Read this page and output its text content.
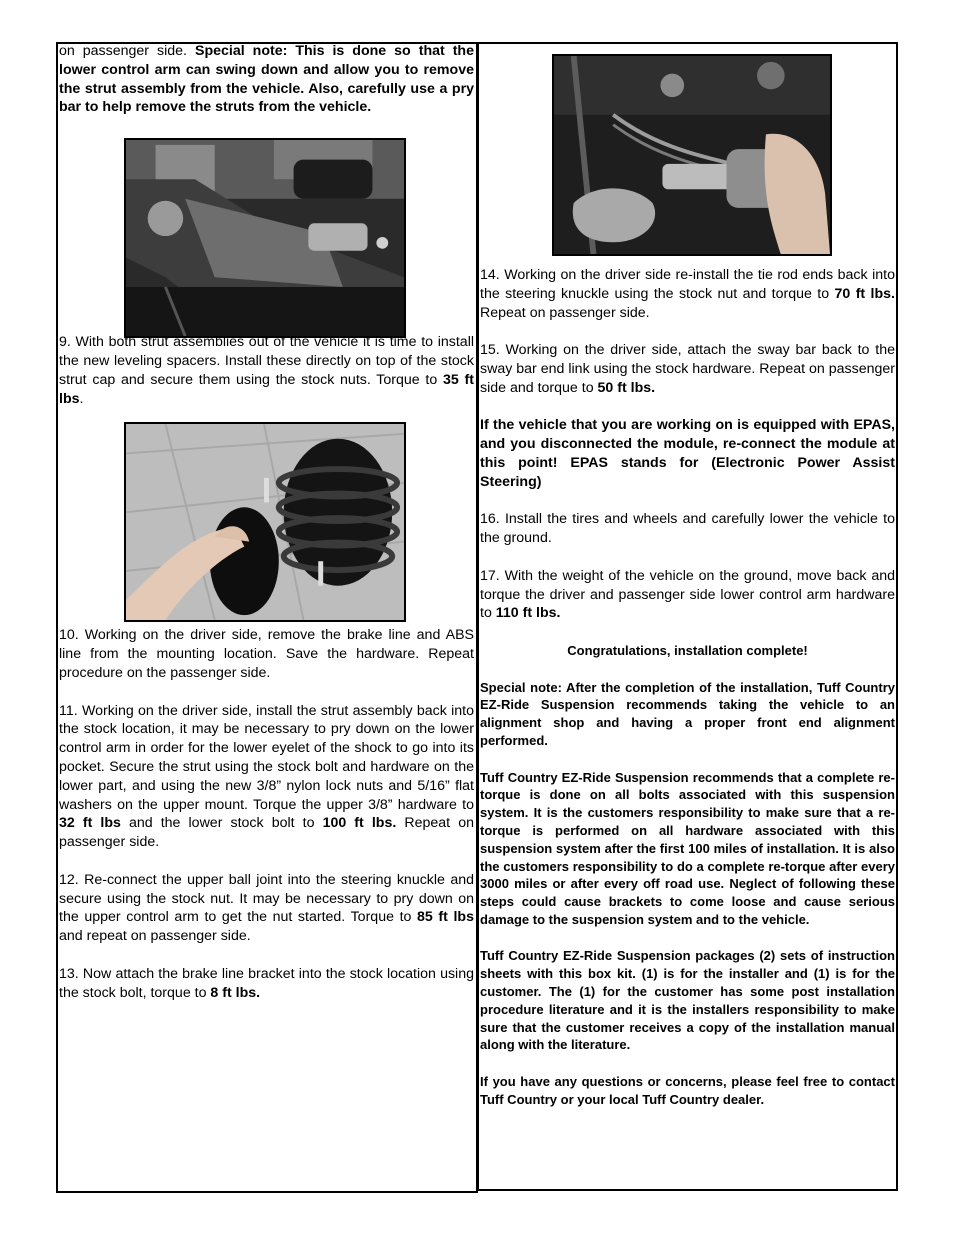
on passenger side. Special note: This is done so that the lower control arm can swing down and allow you to remove the strut assembly from the vehicle. Also, carefully use a pry bar to help remove the struts from the vehicle.

9. With both strut assemblies out of the vehicle it is time to install the new leveling spacers. Install these directly on top of the stock strut cap and secure them using the stock nuts. Torque to 35 ft lbs.

10. Working on the driver side, remove the brake line and ABS line from the mounting location. Save the hardware. Repeat procedure on the passenger side.

11. Working on the driver side, install the strut assembly back into the stock location, it may be necessary to pry down on the lower control arm in order for the lower eyelet of the shock to go into its pocket. Secure the strut using the stock bolt and hardware on the lower part, and using the new 3/8” nylon lock nuts and 5/16” flat washers on the upper mount. Torque the upper 3/8” hardware to 32 ft lbs and the lower stock bolt to 100 ft lbs. Repeat on passenger side.

12. Re-connect the upper ball joint into the steering knuckle and secure using the stock nut. It may be necessary to pry down on the upper control arm to get the nut started. Torque to 85 ft lbs and repeat on passenger side.

13. Now attach the brake line bracket into the stock location using the stock bolt, torque to 8 ft lbs.

14. Working on the driver side re-install the tie rod ends back into the steering knuckle using the stock nut and torque to 70 ft lbs. Repeat on passenger side.

15. Working on the driver side, attach the sway bar back to the sway bar end link using the stock hardware. Repeat on passenger side and torque to 50 ft lbs.

If the vehicle that you are working on is equipped with EPAS, and you disconnected the module, re-connect the module at this point! EPAS stands for (Electronic Power Assist Steering)

16. Install the tires and wheels and carefully lower the vehicle to the ground.

17. With the weight of the vehicle on the ground, move back and torque the driver and passenger side lower control arm hardware to 110 ft lbs.

Congratulations, installation complete!

Special note: After the completion of the installation, Tuff Country EZ-Ride Suspension recommends taking the vehicle to an alignment shop and having a proper front end alignment performed.

Tuff Country EZ-Ride Suspension recommends that a complete re-torque is done on all bolts associated with this suspension system. It is the customers responsibility to make sure that a re-torque is performed on all hardware associated with this suspension system after the first 100 miles of installation. It is also the customers responsibility to do a complete re-torque after every 3000 miles or after every off road use. Neglect of following these steps could cause brackets to come loose and cause serious damage to the suspension system and to the vehicle.

Tuff Country EZ-Ride Suspension packages (2) sets of instruction sheets with this box kit. (1) is for the installer and (1) is for the customer. The (1) for the customer has some post installation procedure literature and it is the installers responsibility to make sure that the customer receives a copy of the installation manual along with the literature.

If you have any questions or concerns, please feel free to contact Tuff Country or your local Tuff Country dealer.
